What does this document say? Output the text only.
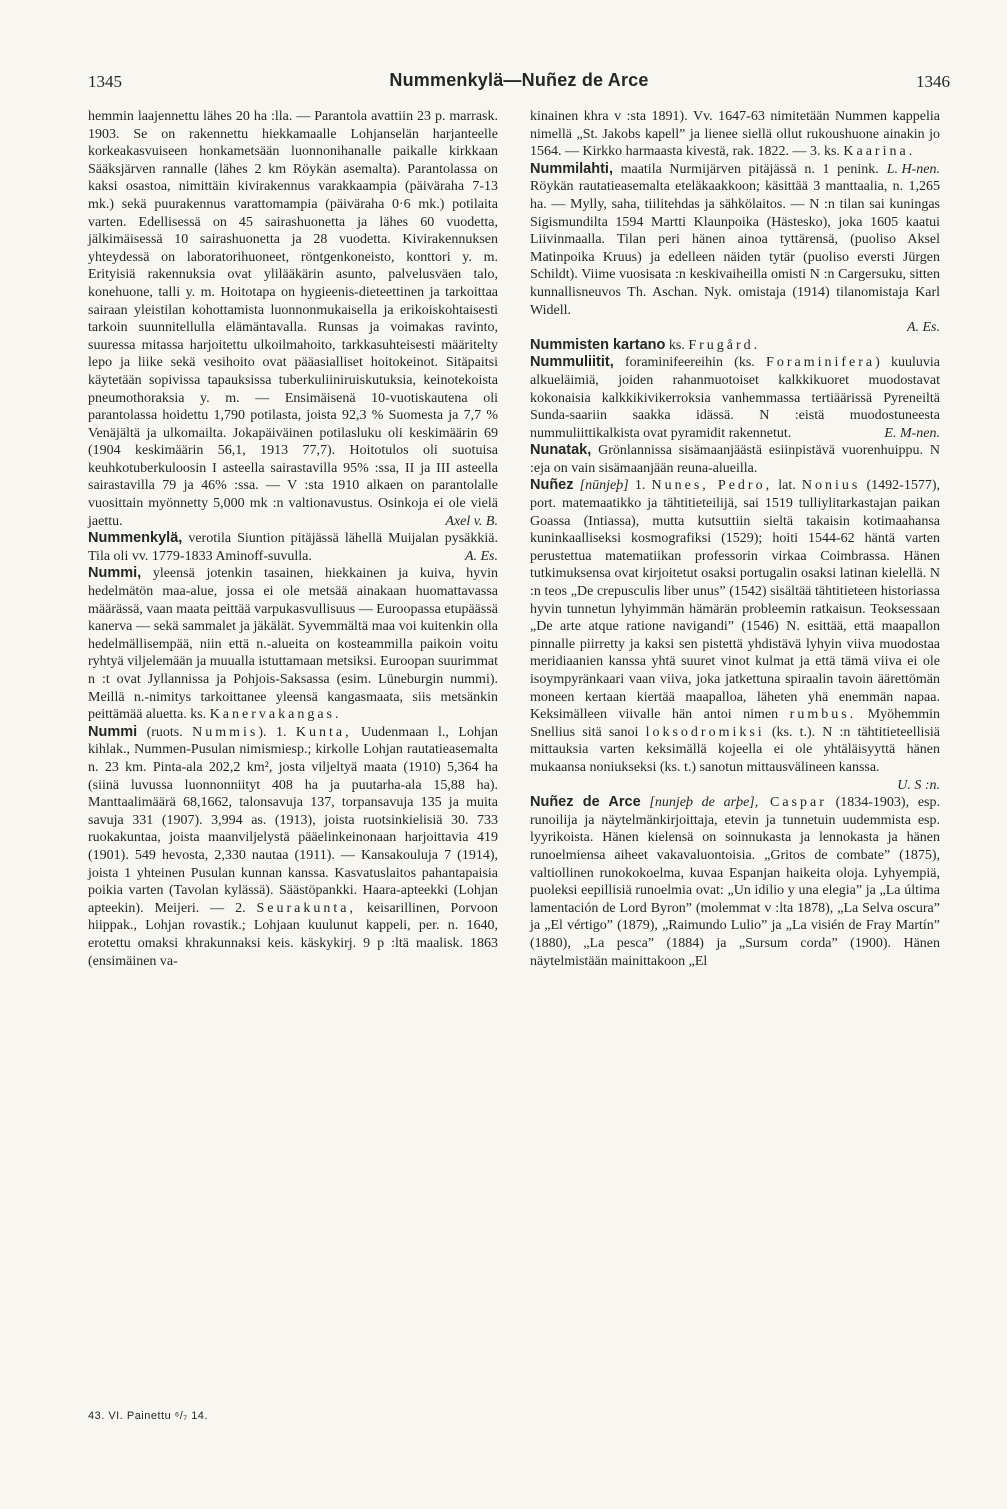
1345	Nummenkylä—Nuñez de Arce	1346

hemmin laajennettu lähes 20 ha :lla. — Parantola avattiin 23 p. marrask. 1903. Se on rakennettu hiekkamaalle Lohjanselän harjanteelle korkeakasvuiseen honkametsään luonnonihanalle paikalle kirkkaan Sääksjärven rannalle (lähes 2 km Röykän asemalta). Parantolassa on kaksi osastoa, nimittäin kivirakennus varakkaampia (päiväraha 7-13 mk.) sekä puurakennus varattomampia (päiväraha 0·6 mk.) potilaita varten. Edellisessä on 45 sairashuonetta ja lähes 60 vuodetta, jälkimäisessä 10 sairashuonetta ja 28 vuodetta. Kivirakennuksen yhteydessä on laboratorihuoneet, röntgenkoneisto, konttori y. m. Erityisiä rakennuksia ovat ylilääkärin asunto, palvelusväen talo, konehuone, talli y. m. Hoitotapa on hygieenis-dieteettinen ja tarkoittaa sairaan yleistilan kohottamista luonnonmukaisella ja erikoiskohtaisesti tarkoin suunnitellulla elämäntavalla. Runsas ja voimakas ravinto, suuressa mitassa harjoitettu ulkoilmahoito, tarkkasuhteisesti määritelty lepo ja liike sekä vesihoito ovat pääasialliset hoitokeinot. Sitäpaitsi käytetään sopivissa tapauksissa tuberkuliiniruiskutuksia, keinotekoista pneumothoraksia y. m. — Ensimäisenä 10-vuotiskautena oli parantolassa hoidettu 1,790 potilasta, joista 92,3 % Suomesta ja 7,7 % Venäjältä ja ulkomailta. Jokapäiväinen potilasluku oli keskimäärin 69 (1904 keskimäärin 56,1, 1913 77,7). Hoitotulos oli suotuisa keuhkotuberkuloosin I asteella sairastavilla 95% :ssa, II ja III asteella sairastavilla 79 ja 46% :ssa. — V :sta 1910 alkaen on parantolalle vuosittain myönnetty 5,000 mk :n valtionavustus. Osinkoja ei ole vielä jaettu.	Axel v. B.

Nummenkylä, verotila Siuntion pitäjässä lähellä Muijalan pysäkkiä. Tila oli vv. 1779-1833 Aminoff-suvulla.	A. Es.

Nummi, yleensä jotenkin tasainen, hiekkainen ja kuiva, hyvin hedelmätön maa-alue, jossa ei ole metsää ainakaan huomattavassa määrässä, vaan maata peittää varpukasvullisuus — Euroopassa etupäässä kanerva — sekä sammalet ja jäkälät. Syvemmältä maa voi kuitenkin olla hedelmällisempää, niin että n.-alueita on kosteammilla paikoin voitu ryhtyä viljelemään ja muualla istuttamaan metsiksi. Euroopan suurimmat n :t ovat Jyllannissa ja Pohjois-Saksassa (esim. Lüneburgin nummi). Meillä n.-nimitys tarkoittanee yleensä kangasmaata, siis metsänkin peittämää aluetta. ks. Kanervakangas.

Nummi (ruots. Nummis). 1. Kunta, Uudenmaan l., Lohjan kihlak., Nummen-Pusulan nimismiesp.; kirkolle Lohjan rautatieasemalta n. 23 km. Pinta-ala 202,2 km², josta viljeltyä maata (1910) 5,364 ha (siinä luvussa luonnonniityt 408 ha ja puutarha-ala 15,88 ha). Manttaalimäärä 68,1662, talonsavuja 137, torpansavuja 135 ja muita savuja 331 (1907). 3,994 as. (1913), joista ruotsinkielisiä 30. 733 ruokakuntaa, joista maanviljelystä pääelinkeinonaan harjoittavia 419 (1901). 549 hevosta, 2,330 nautaa (1911). — Kansakouluja 7 (1914), joista 1 yhteinen Pusulan kunnan kanssa. Kasvatuslaitos pahantapaisia poikia varten (Tavolan kylässä). Säästöpankki. Haara-apteekki (Lohjan apteekin). Meijeri. — 2. Seurakunta, keisarillinen, Porvoon hiippak., Lohjan rovastik.; Lohjaan kuulunut kappeli, per. n. 1640, erotettu omaksi khrakunnaksi keis. käskykirj. 9 p :ltä maalisk. 1863 (ensimäinen va-

kinainen khra v :sta 1891). Vv. 1647-63 nimitetään Nummen kappelia nimellä „St. Jakobs kapell” ja lienee siellä ollut rukoushuone ainakin jo 1564. — Kirkko harmaasta kivestä, rak. 1822. — 3. ks. Kaarina.
L. H-nen.

Nummilahti, maatila Nurmijärven pitäjässä n. 1 penink. Röykän rautatieasemalta eteläkaakkoon; käsittää 3 manttaalia, n. 1,265 ha. — Mylly, saha, tiilitehdas ja sähkölaitos. — N :n tilan sai kuningas Sigismundilta 1594 Martti Klaunpoika (Hästesko), joka 1605 kaatui Liivinmaalla. Tilan peri hänen ainoa tyttärensä, (puoliso Aksel Matinpoika Kruus) ja edelleen näiden tytär (puoliso eversti Jürgen Schildt). Viime vuosisata :n keskivaiheilla omisti N :n Cargersuku, sitten kunnallisneuvos Th. Aschan. Nyk. omistaja (1914) tilanomistaja Karl Widell.

A. Es.

Nummisten kartano ks. Frugård.

Nummuliitit, foraminifeereihin (ks. Foraminifera) kuuluvia alkueläimiä, joiden rahanmuotoiset kalkkikuoret muodostavat kokonaisia kalkkikivikerroksia vanhemmassa tertiäärissä Pyreneiltä Sunda-saariin saakka idässä. N :eistä muodostuneesta nummuliittikalkista ovat pyramidit rakennetut.	E. M-nen.

Nunatak, Grönlannissa sisämaanjäästä esiinpistävä vuorenhuippu. N :eja on vain sisämaanjään reuna-alueilla.

Nuñez [nūnjeþ] 1. Nunes, Pedro, lat. Nonius (1492-1577), port. matemaatikko ja tähtitieteilijä, sai 1519 tulliylitarkastajan paikan Goassa (Intiassa), mutta kutsuttiin sieltä takaisin kotimaahansa kuninkaalliseksi kosmografiksi (1529); hoiti 1544-62 häntä varten perustettua matematiikan professorin virkaa Coimbrassa. Hänen tutkimuksensa ovat kirjoitetut osaksi portugalin osaksi latinan kielellä. N :n teos „De crepusculis liber unus” (1542) sisältää tähtitieteen historiassa hyvin tunnetun lyhyimmän hämärän probleemin ratkaisun. Teoksessaan „De arte atque ratione navigandi” (1546) N. esittää, että maapallon pinnalle piirretty ja kaksi sen pistettä yhdistävä lyhyin viiva muodostaa meridiaanien kanssa yhtä suuret vinot kulmat ja että tämä viiva ei ole isoympyränkaari vaan viiva, joka jatkettuna spiraalin tavoin äärettömän moneen kertaan kiertää maapalloa, läheten yhä enemmän napaa. Keksimälleen viivalle hän antoi nimen rumbus. Myöhemmin Snellius sitä sanoi loksodromiksi (ks. t.). N :n tähtitieteellisiä mittauksia varten keksimällä kojeella ei ole yhtäläisyyttä hänen mukaansa noniukseksi (ks. t.) sanotun mittausvälineen kanssa.

U. S :n.

Nuñez de Arce [nunjeþ de arþe], Caspar (1834-1903), esp. runoilija ja näytelmänkirjoittaja, etevin ja tunnetuin uudemmista esp. lyyrikoista. Hänen kielensä on soinnukasta ja lennokasta ja hänen runoelmiensa aiheet vakavaluontoisia. „Gritos de combate” (1875), valtiollinen runokokoelma, kuvaa Espanjan haikeita oloja. Lyhyempiä, puoleksi eepillisiä runoelmia ovat: „Un idilio y una elegia” ja „La última lamentación de Lord Byron” (molemmat v :lta 1878), „La Selva oscura” ja „El vértigo” (1879), „Raimundo Lulio” ja „La visién de Fray Martín” (1880), „La pesca” (1884) ja „Sursum corda” (1900). Hänen näytelmistään mainittakoon „El

43. VI. Painettu ⁶/₇ 14.
